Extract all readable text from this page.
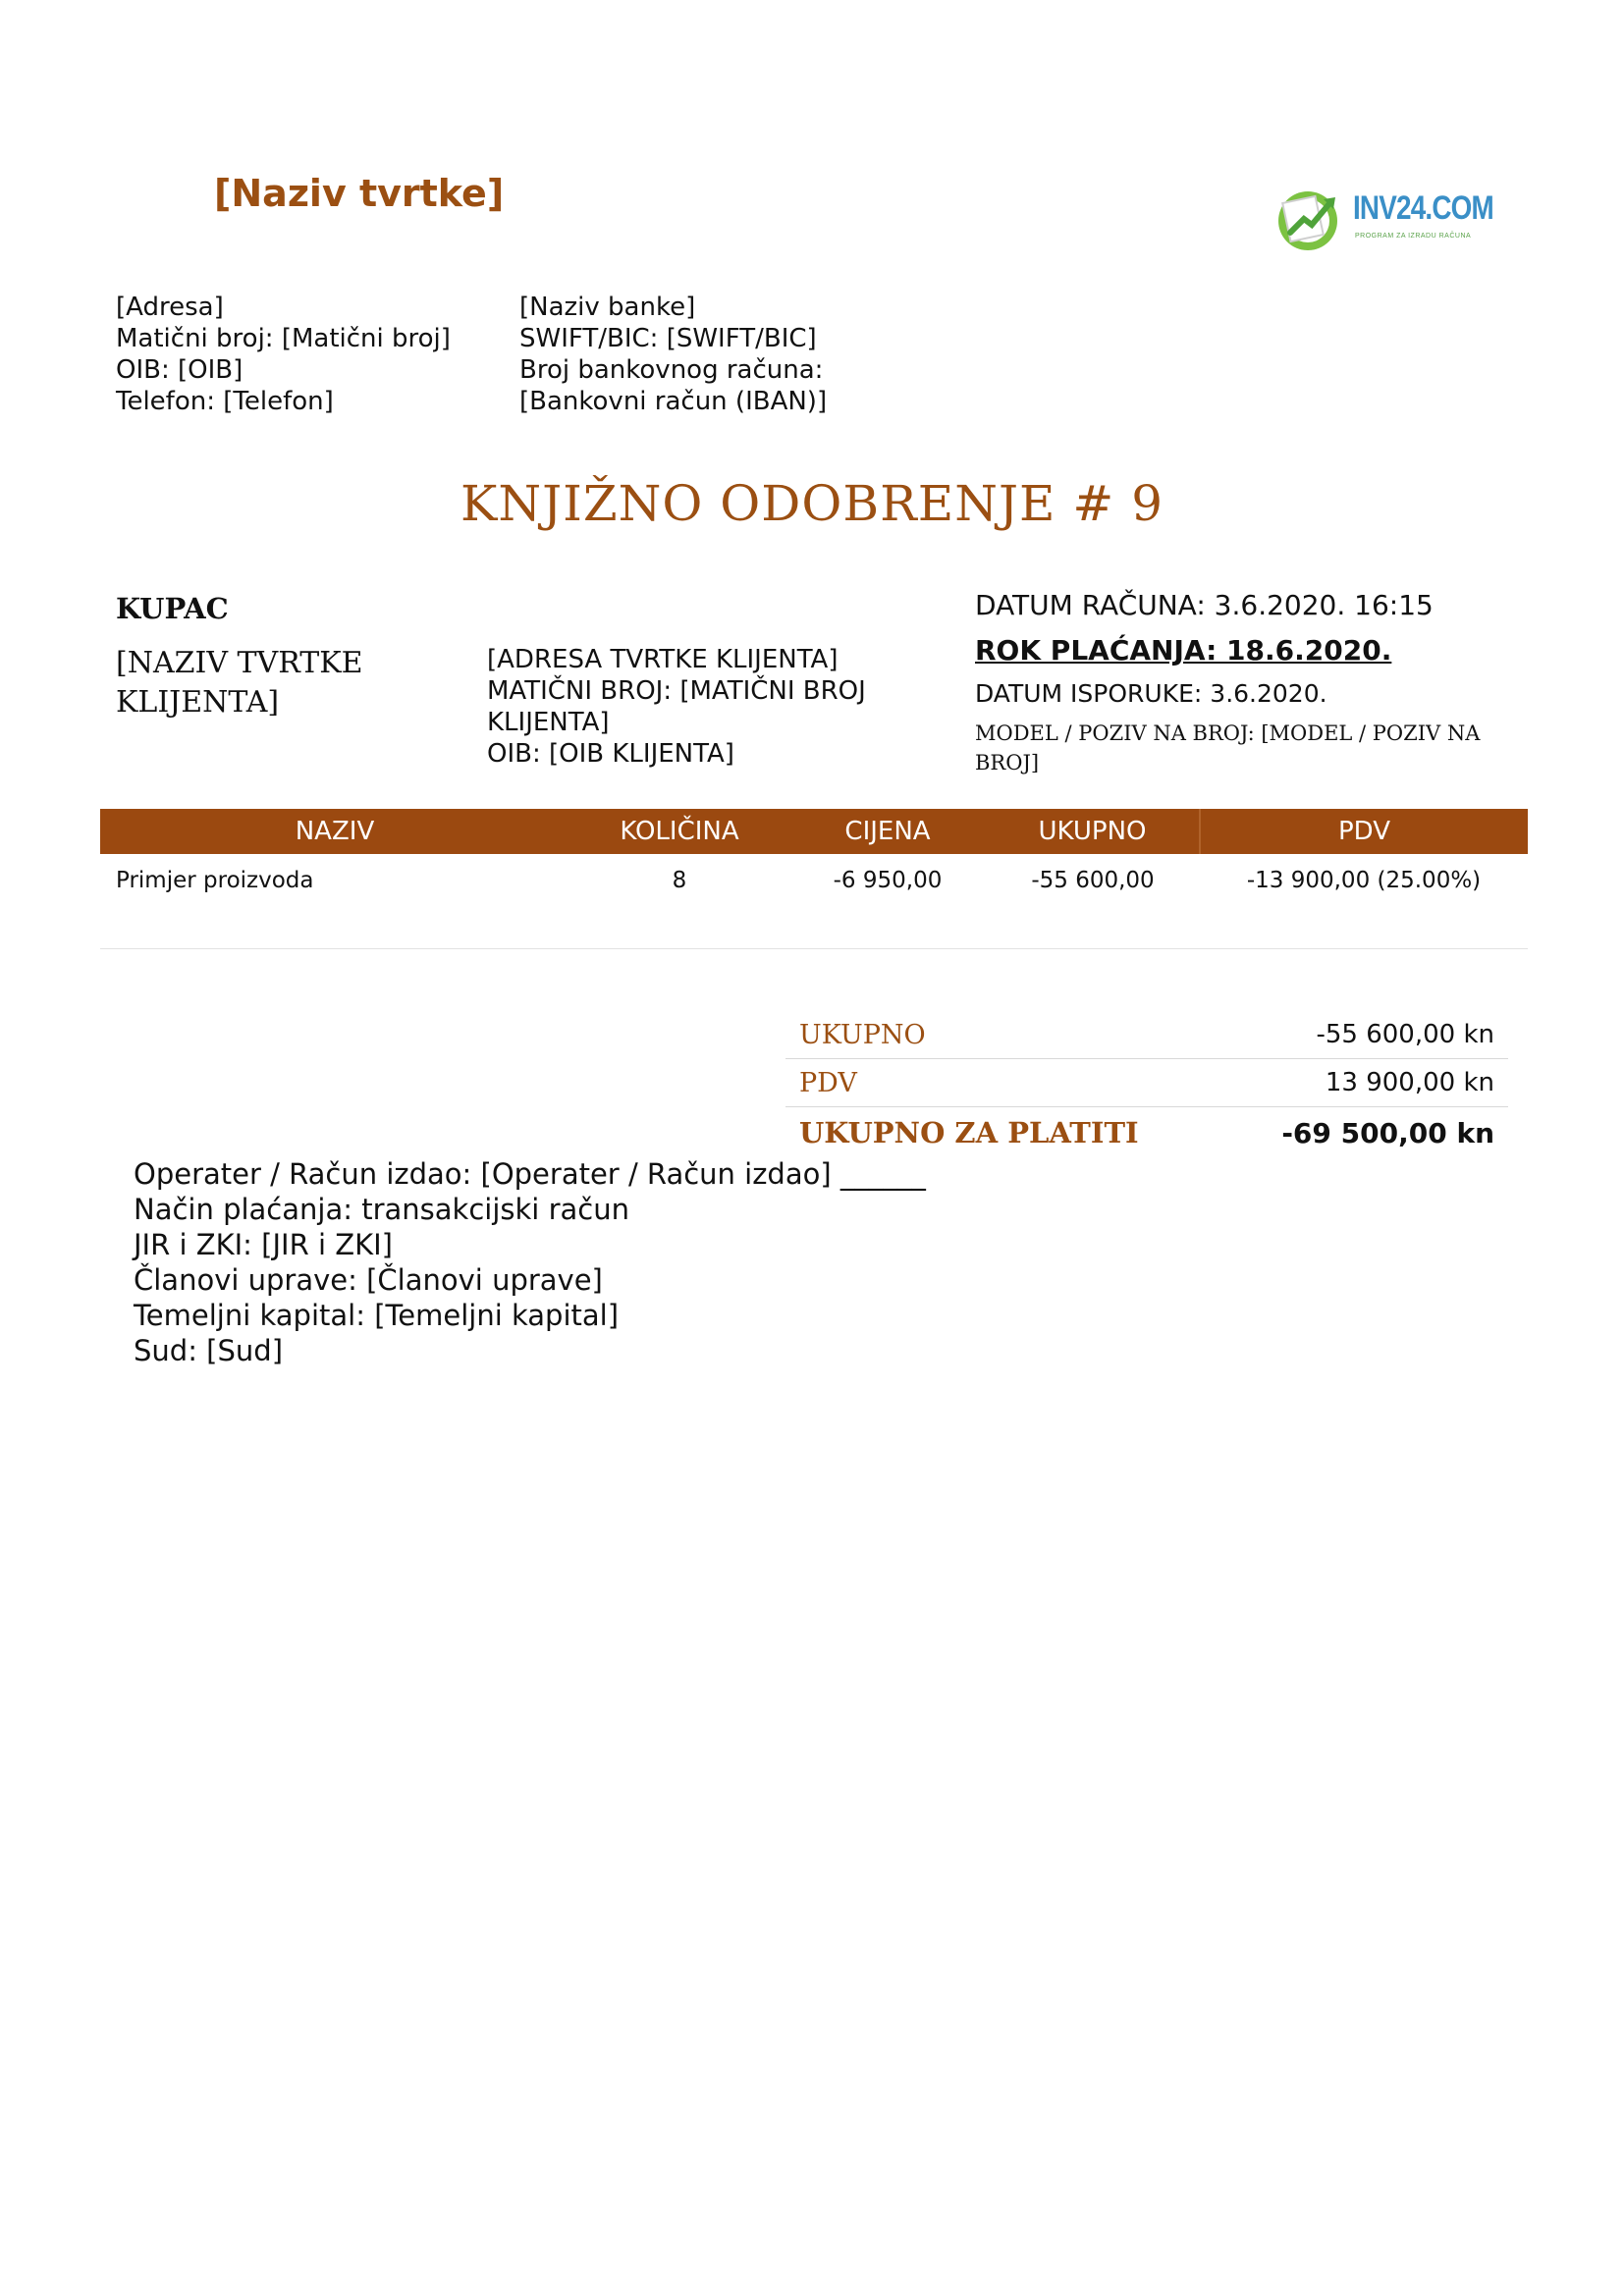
[Naziv tvrtke]	INV24.COM
PROGRAM ZA IZRADU RAČUNA
[Adresa]
Matični broj: [Matični broj]
OIB: [OIB]
Telefon: [Telefon]
[Naziv banke]
SWIFT/BIC: [SWIFT/BIC]
Broj bankovnog računa:
[Bankovni račun (IBAN)]
KNJIŽNO ODOBRENJE # 9
KUPAC
[NAZIV TVRTKE KLIJENTA]
[ADRESA TVRTKE KLIJENTA]
MATIČNI BROJ: [MATIČNI BROJ KLIJENTA]
OIB: [OIB KLIJENTA]
DATUM RAČUNA: 3.6.2020. 16:15
ROK PLAĆANJA: 18.6.2020.
DATUM ISPORUKE: 3.6.2020.
MODEL / POZIV NA BROJ: [MODEL / POZIV NA BROJ]
NAZIV	KOLIČINA	CIJENA	UKUPNO	PDV
Primjer proizvoda	8	-6 950,00	-55 600,00	-13 900,00 (25.00%)
UKUPNO	-55 600,00 kn
PDV	13 900,00 kn
UKUPNO ZA PLATITI	-69 500,00 kn
Operater / Račun izdao: [Operater / Račun izdao] ______
Način plaćanja: transakcijski račun
JIR i ZKI: [JIR i ZKI]
Članovi uprave: [Članovi uprave]
Temeljni kapital: [Temeljni kapital]
Sud: [Sud]
